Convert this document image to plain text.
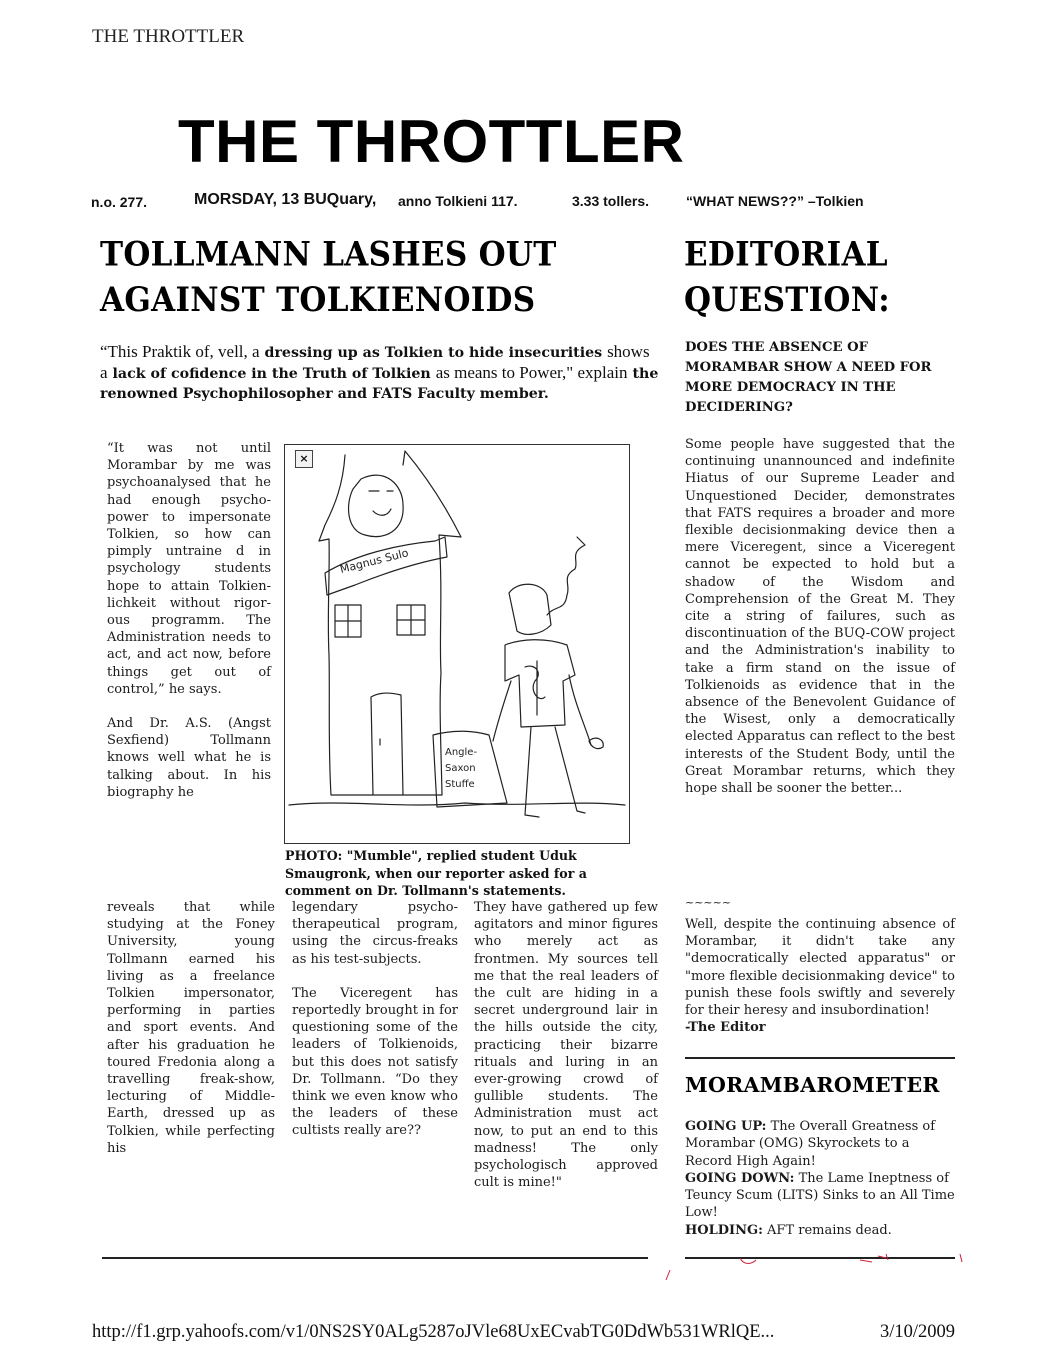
THE THROTTLER
THE THROTTLER
n.o. 277.	MORSDAY, 13 BUQuary, anno Tolkieni 117.	3.33 tollers.	“WHAT NEWS??” –Tolkien
TOLLMANN LASHES OUT
AGAINST TOLKIENOIDS
EDITORIAL
QUESTION:
“This Praktik of, vell, a dressing up as Tolkien to hide insecurities shows a lack of cofidence in the Truth of Tolkien as means to Power," explain the renowned Psychophilosopher and FATS Faculty member.
DOES THE ABSENCE OF MORAMBAR SHOW A NEED FOR MORE DEMOCRACY IN THE DECIDERING?

“It was not until Morambar by me was psychoanalysed that he had enough psycho-power to impersonate Tolkien, so how can pimply untraine d in psychology students hope to attain Tolkien-lichkeit without rigor-ous programm. The Administration needs to act, and act now, before things get out of control,” he says.

And Dr. A.S. (Angst Sexfiend) Tollmann knows well what he is talking about. In his biography he

×
Magnus Sulo
Angle-
Saxon
Stuffe
PHOTO: "Mumble", replied student Uduk Smaugronk, when our reporter asked for a comment on Dr. Tollmann's statements.
Some people have suggested that the continuing unannounced and indefinite Hiatus of our Supreme Leader and Unquestioned Decider, demonstrates that FATS requires a broader and more flexible decisionmaking device then a mere Viceregent, since a Viceregent cannot be expected to hold but a shadow of the Wisdom and Comprehension of the Great M. They cite a string of failures, such as discontinuation of the BUQ-COW project and the Administration's inability to take a firm stand on the issue of Tolkienoids as evidence that in the absence of the Benevolent Guidance of the Wisest, only a democratically elected Apparatus can reflect to the best interests of the Student Body, until the Great Morambar returns, which they hope shall be sooner the better...
reveals that while studying at the Foney University, young Tollmann earned his living as a freelance Tolkien impersonator, performing in parties and sport events. And after his graduation he toured Fredonia along a travelling freak-show, lecturing of Middle-Earth, dressed up as Tolkien, while perfecting his

legendary psycho-therapeutical program, using the circus-freaks as his test-subjects.

The Viceregent has reportedly brought in for questioning some of the leaders of Tolkienoids, but this does not satisfy Dr. Tollmann. “Do they think we even know who the leaders of these cultists really are??

They have gathered up few agitators and minor figures who merely act as frontmen. My sources tell me that the real leaders of the cult are hiding in a secret underground lair in the hills outside the city, practicing their bizarre rituals and luring in an ever-growing crowd of gullible students. The Administration must act now, to put an end to this madness! The only psychologisch approved cult is mine!"
~~~~~
Well, despite the continuing absence of Morambar, it didn't take any "democratically elected apparatus" or "more flexible decisionmaking device" to punish these fools swiftly and severely for their heresy and insubordination!
-The Editor
MORAMBAROMETER
GOING UP: The Overall Greatness of Morambar (OMG) Skyrockets to a Record High Again!
GOING DOWN: The Lame Ineptness of Teuncy Scum (LITS) Sinks to an All Time Low!
HOLDING: AFT remains dead.
http://f1.grp.yahoofs.com/v1/0NS2SY0ALg5287oJVle68UxECvabTG0DdWb531WRlQE...	3/10/2009
